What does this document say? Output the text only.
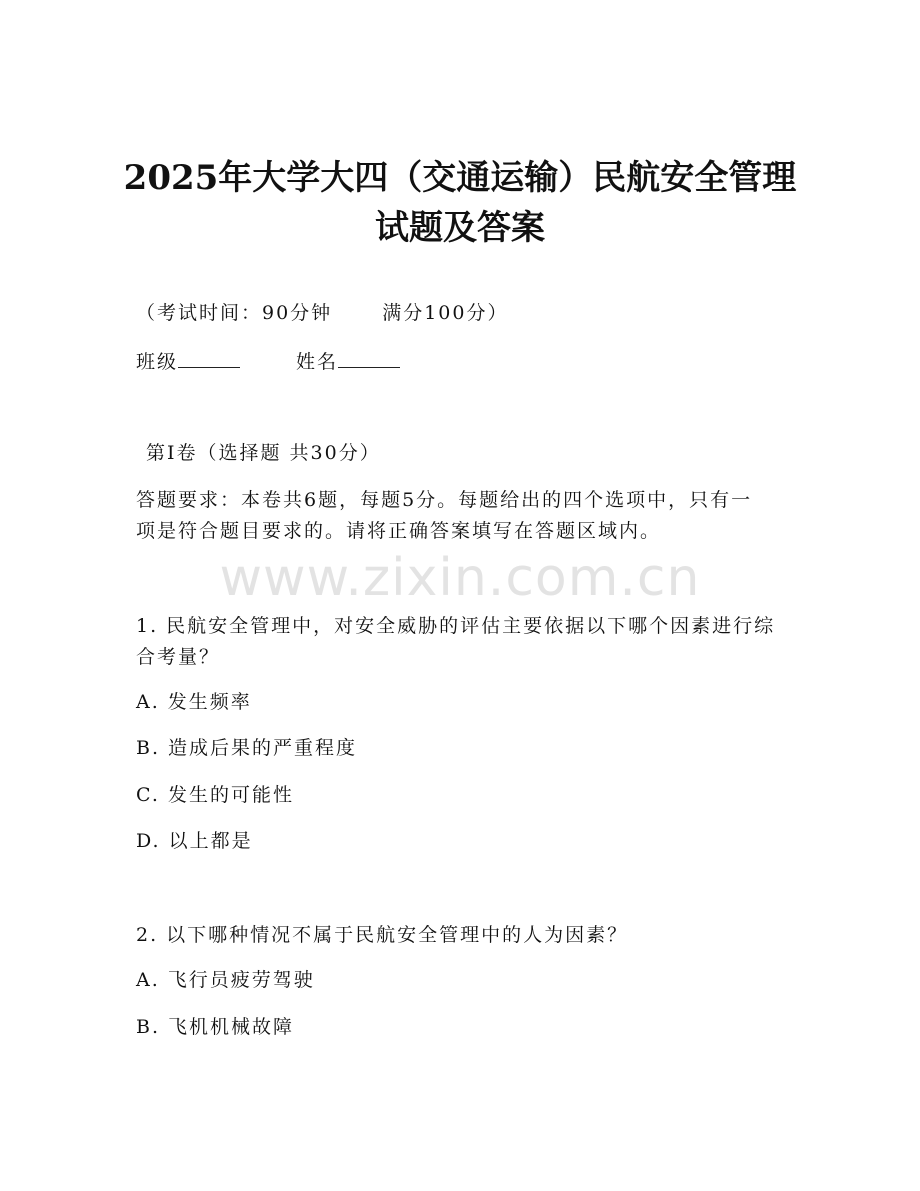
2025年大学大四（交通运输）民航安全管理
试题及答案
（考试时间：90分钟	满分100分）
班级	姓名
第I卷（选择题 共30分）
答题要求：本卷共6题，每题5分。每题给出的四个选项中，只有一
项是符合题目要求的。请将正确答案填写在答题区域内。
www.zixin.com.cn
1. 民航安全管理中，对安全威胁的评估主要依据以下哪个因素进行综
合考量？
A. 发生频率
B. 造成后果的严重程度
C. 发生的可能性
D. 以上都是
2. 以下哪种情况不属于民航安全管理中的人为因素？
A. 飞行员疲劳驾驶
B. 飞机机械故障
